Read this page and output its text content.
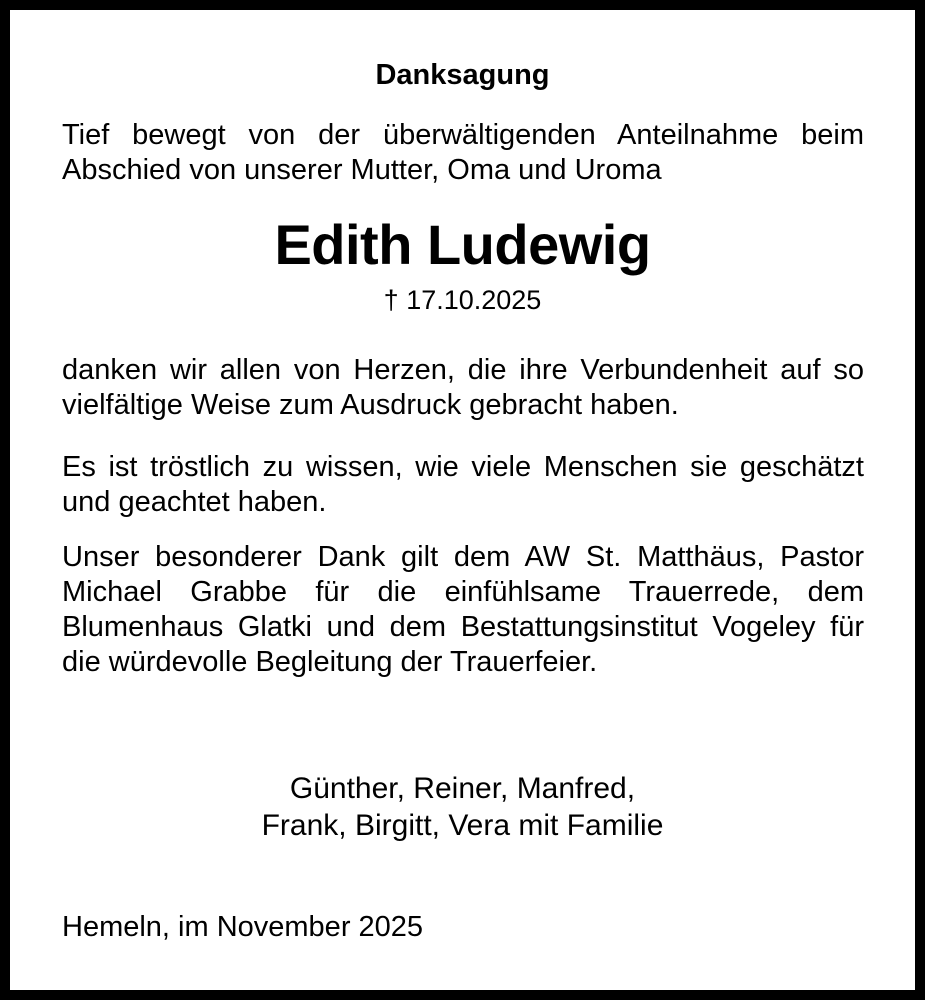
Danksagung
Tief bewegt von der überwältigenden Anteilnahme beim Abschied von unserer Mutter, Oma und Uroma
Edith Ludewig
† 17.10.2025
danken wir allen von Herzen, die ihre Verbundenheit auf so vielfältige Weise zum Ausdruck gebracht haben.
Es ist tröstlich zu wissen, wie viele Menschen sie geschätzt und geachtet haben.
Unser besonderer Dank gilt dem AW St. Matthäus, Pastor Michael Grabbe für die einfühlsame Trauerrede, dem Blumenhaus Glatki und dem Bestattungsinstitut Vogeley für die würdevolle Begleitung der Trauerfeier.
Günther, Reiner, Manfred,
Frank, Birgitt, Vera mit Familie
Hemeln, im November 2025
